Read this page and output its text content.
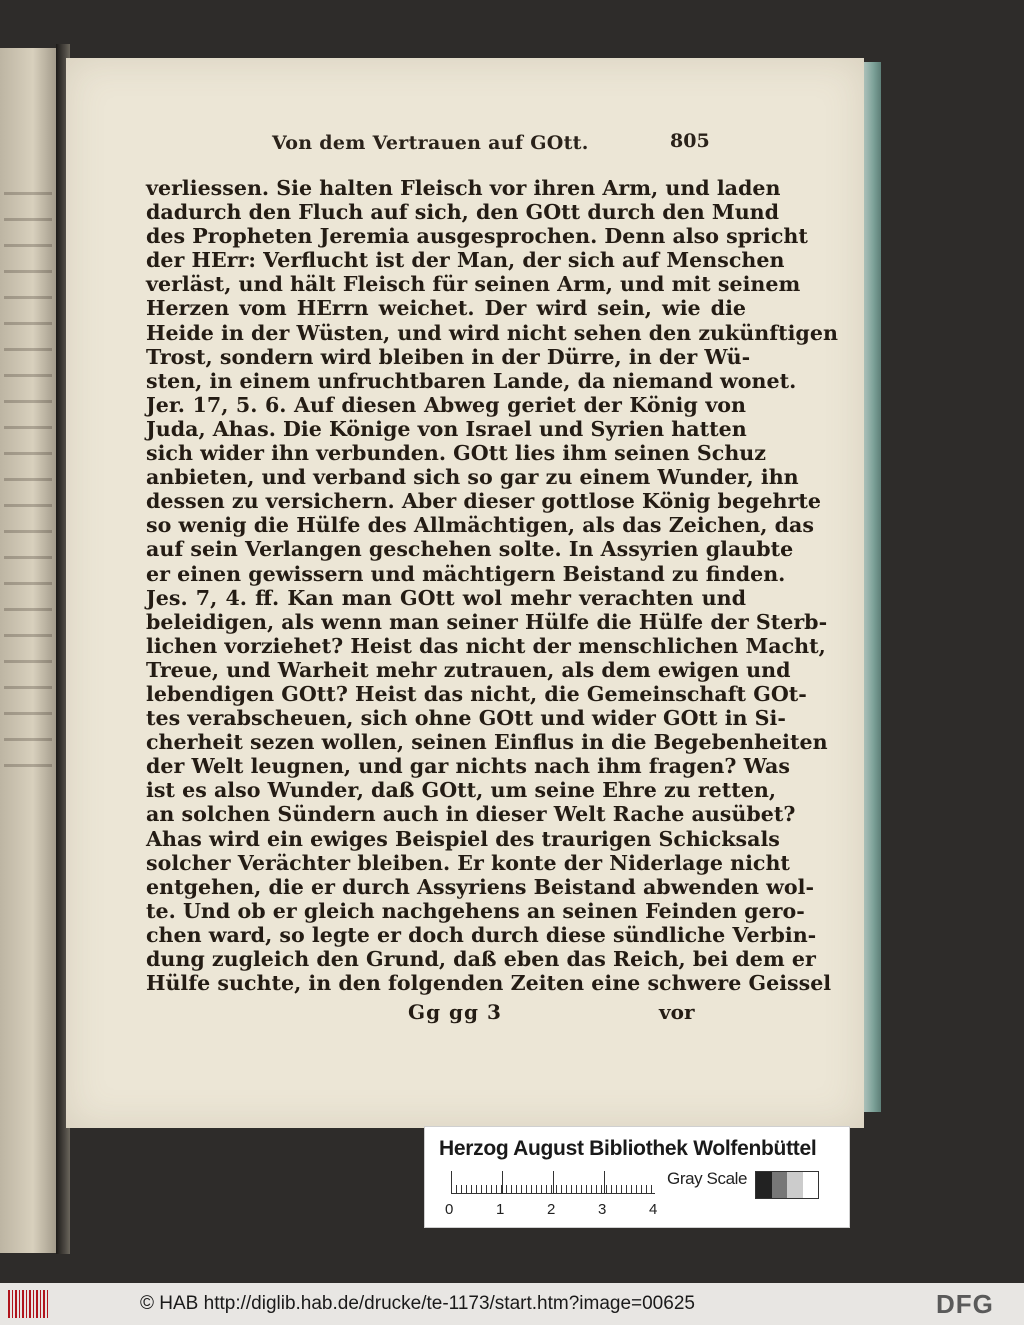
Von dem Vertrauen auf GOtt.	805
verliessen. Sie halten Fleisch vor ihren Arm, und laden
dadurch den Fluch auf sich, den GOtt durch den Mund
des Propheten Jeremia ausgesprochen. Denn also spricht
der HErr: Verflucht ist der Man, der sich auf Menschen
verläst, und hält Fleisch für seinen Arm, und mit seinem
Herzen vom HErrn weichet. Der wird sein, wie die
Heide in der Wüsten, und wird nicht sehen den zukünftigen
Trost, sondern wird bleiben in der Dürre, in der Wü-
sten, in einem unfruchtbaren Lande, da niemand wonet.
Jer. 17, 5. 6. Auf diesen Abweg geriet der König von
Juda, Ahas. Die Könige von Israel und Syrien hatten
sich wider ihn verbunden. GOtt lies ihm seinen Schuz
anbieten, und verband sich so gar zu einem Wunder, ihn
dessen zu versichern. Aber dieser gottlose König begehrte
so wenig die Hülfe des Allmächtigen, als das Zeichen, das
auf sein Verlangen geschehen solte. In Assyrien glaubte
er einen gewissern und mächtigern Beistand zu finden.
Jes. 7, 4. ff. Kan man GOtt wol mehr verachten und
beleidigen, als wenn man seiner Hülfe die Hülfe der Sterb-
lichen vorziehet? Heist das nicht der menschlichen Macht,
Treue, und Warheit mehr zutrauen, als dem ewigen und
lebendigen GOtt? Heist das nicht, die Gemeinschaft GOt-
tes verabscheuen, sich ohne GOtt und wider GOtt in Si-
cherheit sezen wollen, seinen Einflus in die Begebenheiten
der Welt leugnen, und gar nichts nach ihm fragen? Was
ist es also Wunder, daß GOtt, um seine Ehre zu retten,
an solchen Sündern auch in dieser Welt Rache ausübet?
Ahas wird ein ewiges Beispiel des traurigen Schicksals
solcher Verächter bleiben. Er konte der Niderlage nicht
entgehen, die er durch Assyriens Beistand abwenden wol-
te. Und ob er gleich nachgehens an seinen Feinden gero-
chen ward, so legte er doch durch diese sündliche Verbin-
dung zugleich den Grund, daß eben das Reich, bei dem er
Hülfe suchte, in den folgenden Zeiten eine schwere Geissel
Gg gg 3	vor
Herzog August Bibliothek Wolfenbüttel
0	1	2	3	4
Gray Scale
© HAB http://diglib.hab.de/drucke/te-1173/start.htm?image=00625	DFG
